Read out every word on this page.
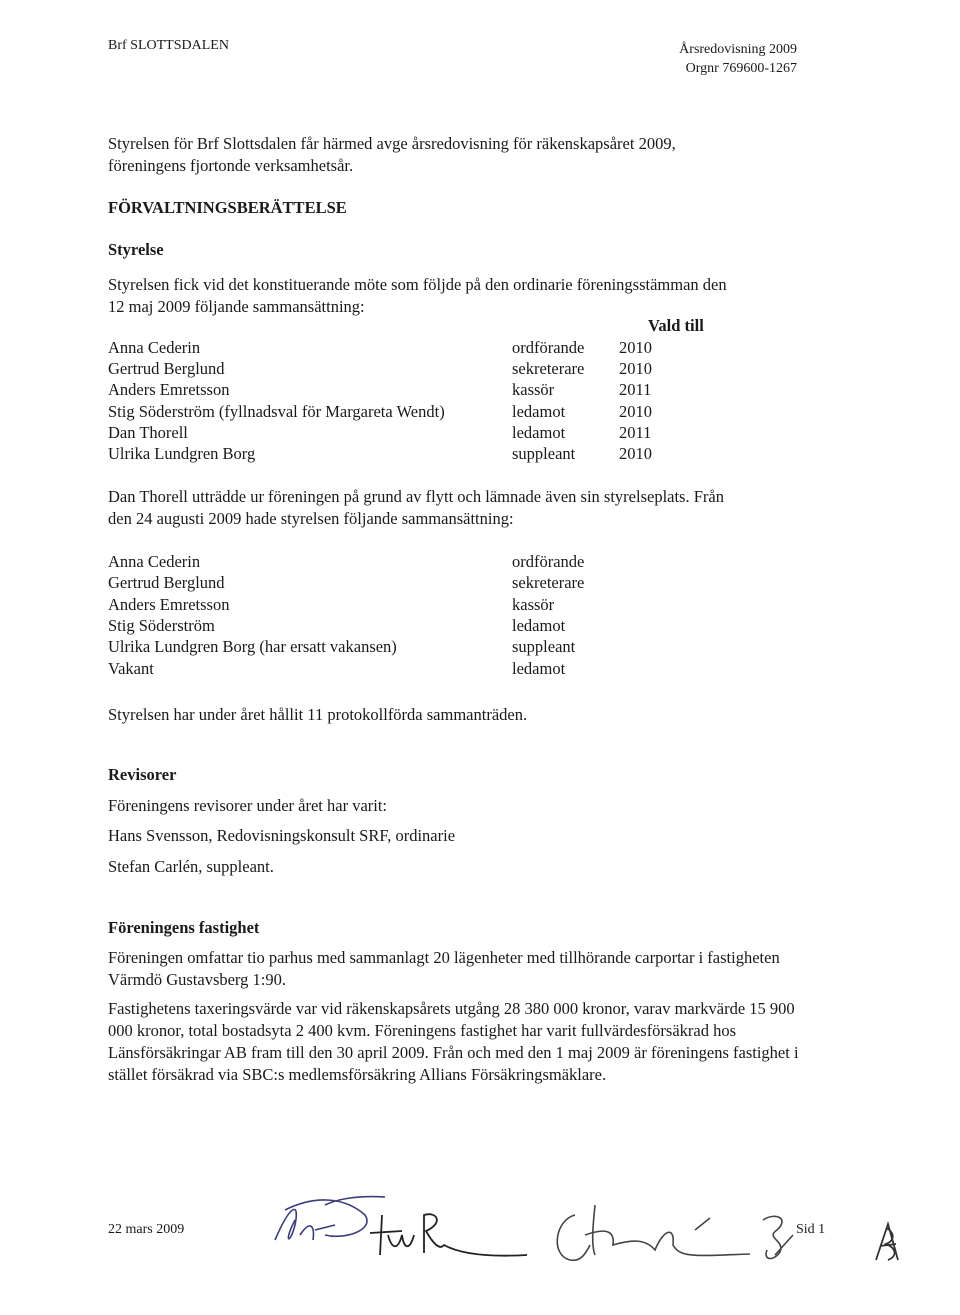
Brf SLOTTSDALEN	Årsredovisning 2009
Orgnr 769600-1267
Styrelsen för Brf Slottsdalen får härmed avge årsredovisning för räkenskapsåret 2009,
föreningens fjortonde verksamhetsår.
FÖRVALTNINGSBERÄTTELSE
Styrelse
Styrelsen fick vid det konstituerande möte som följde på den ordinarie föreningsstämman den
12 maj 2009 följande sammansättning:
Vald till
Anna Cederin	ordförande 2010
Gertrud Berglund	sekreterare 2010
Anders Emretsson	kassör	2011
Stig Söderström (fyllnadsval för Margareta Wendt)	ledamot	2010
Dan Thorell	ledamot	2011
Ulrika Lundgren Borg	suppleant	2010
Dan Thorell utträdde ur föreningen på grund av flytt och lämnade även sin styrelseplats. Från
den 24 augusti 2009 hade styrelsen följande sammansättning:
Anna Cederin	ordförande
Gertrud Berglund	sekreterare
Anders Emretsson	kassör
Stig Söderström	ledamot
Ulrika Lundgren Borg (har ersatt vakansen)	suppleant
Vakant	ledamot
Styrelsen har under året hållit 11 protokollförda sammanträden.
Revisorer
Föreningens revisorer under året har varit:
Hans Svensson, Redovisningskonsult SRF, ordinarie
Stefan Carlén, suppleant.
Föreningens fastighet
Föreningen omfattar tio parhus med sammanlagt 20 lägenheter med tillhörande carportar i fastigheten Värmdö Gustavsberg 1:90.
Fastighetens taxeringsvärde var vid räkenskapsårets utgång 28 380 000 kronor, varav markvärde 15 900 000 kronor, total bostadsyta 2 400 kvm. Föreningens fastighet har varit fullvärdesförsäkrad hos Länsförsäkringar AB fram till den 30 april 2009. Från och med den 1 maj 2009 är föreningens fastighet i stället försäkrad via SBC:s medlemsförsäkring Allians Försäkringsmäklare.
22 mars 2009	Sid 1
